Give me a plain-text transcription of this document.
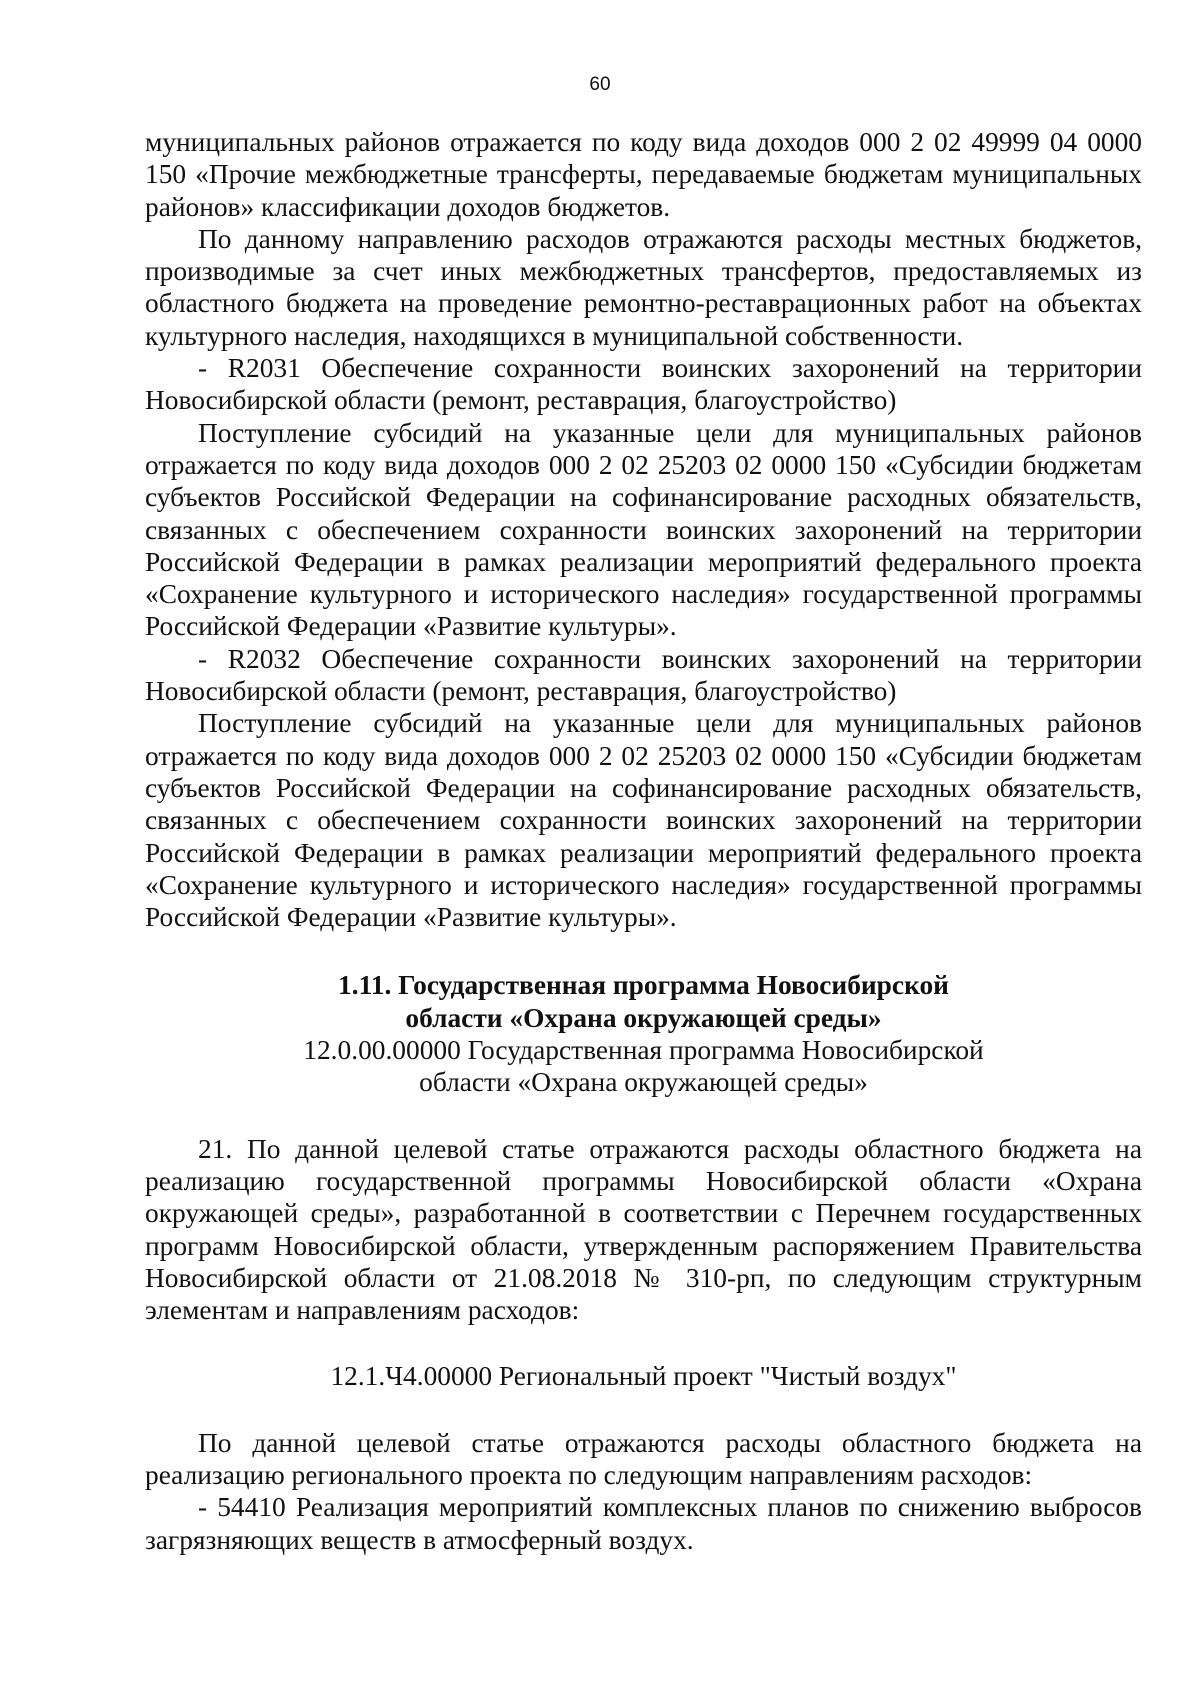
60

муниципальных районов отражается по коду вида доходов 000 2 02 49999 04 0000 150 «Прочие межбюджетные трансферты, передаваемые бюджетам муниципальных районов» классификации доходов бюджетов.

По данному направлению расходов отражаются расходы местных бюджетов, производимые за счет иных межбюджетных трансфертов, предоставляемых из областного бюджета на проведение ремонтно-реставрационных работ на объектах культурного наследия, находящихся в муниципальной собственности.

- R2031 Обеспечение сохранности воинских захоронений на территории Новосибирской области (ремонт, реставрация, благоустройство)

Поступление субсидий на указанные цели для муниципальных районов отражается по коду вида доходов 000 2 02 25203 02 0000 150 «Субсидии бюджетам субъектов Российской Федерации на софинансирование расходных обязательств, связанных с обеспечением сохранности воинских захоронений на территории Российской Федерации в рамках реализации мероприятий федерального проекта «Сохранение культурного и исторического наследия» государственной программы Российской Федерации «Развитие культуры».

- R2032 Обеспечение сохранности воинских захоронений на территории Новосибирской области (ремонт, реставрация, благоустройство)

Поступление субсидий на указанные цели для муниципальных районов отражается по коду вида доходов 000 2 02 25203 02 0000 150 «Субсидии бюджетам субъектов Российской Федерации на софинансирование расходных обязательств, связанных с обеспечением сохранности воинских захоронений на территории Российской Федерации в рамках реализации мероприятий федерального проекта «Сохранение культурного и исторического наследия» государственной программы Российской Федерации «Развитие культуры».

1.11. Государственная программа Новосибирской

области «Охрана окружающей среды»

12.0.00.00000 Государственная программа Новосибирской

области «Охрана окружающей среды»

21. По данной целевой статье отражаются расходы областного бюджета на реализацию государственной программы Новосибирской области «Охрана окружающей среды», разработанной в соответствии с Перечнем государственных программ Новосибирской области, утвержденным распоряжением Правительства Новосибирской области от 21.08.2018 № 310-рп, по следующим структурным элементам и направлениям расходов:

12.1.Ч4.00000 Региональный проект "Чистый воздух"

По данной целевой статье отражаются расходы областного бюджета на реализацию регионального проекта по следующим направлениям расходов:

- 54410 Реализация мероприятий комплексных планов по снижению выбросов загрязняющих веществ в атмосферный воздух.
